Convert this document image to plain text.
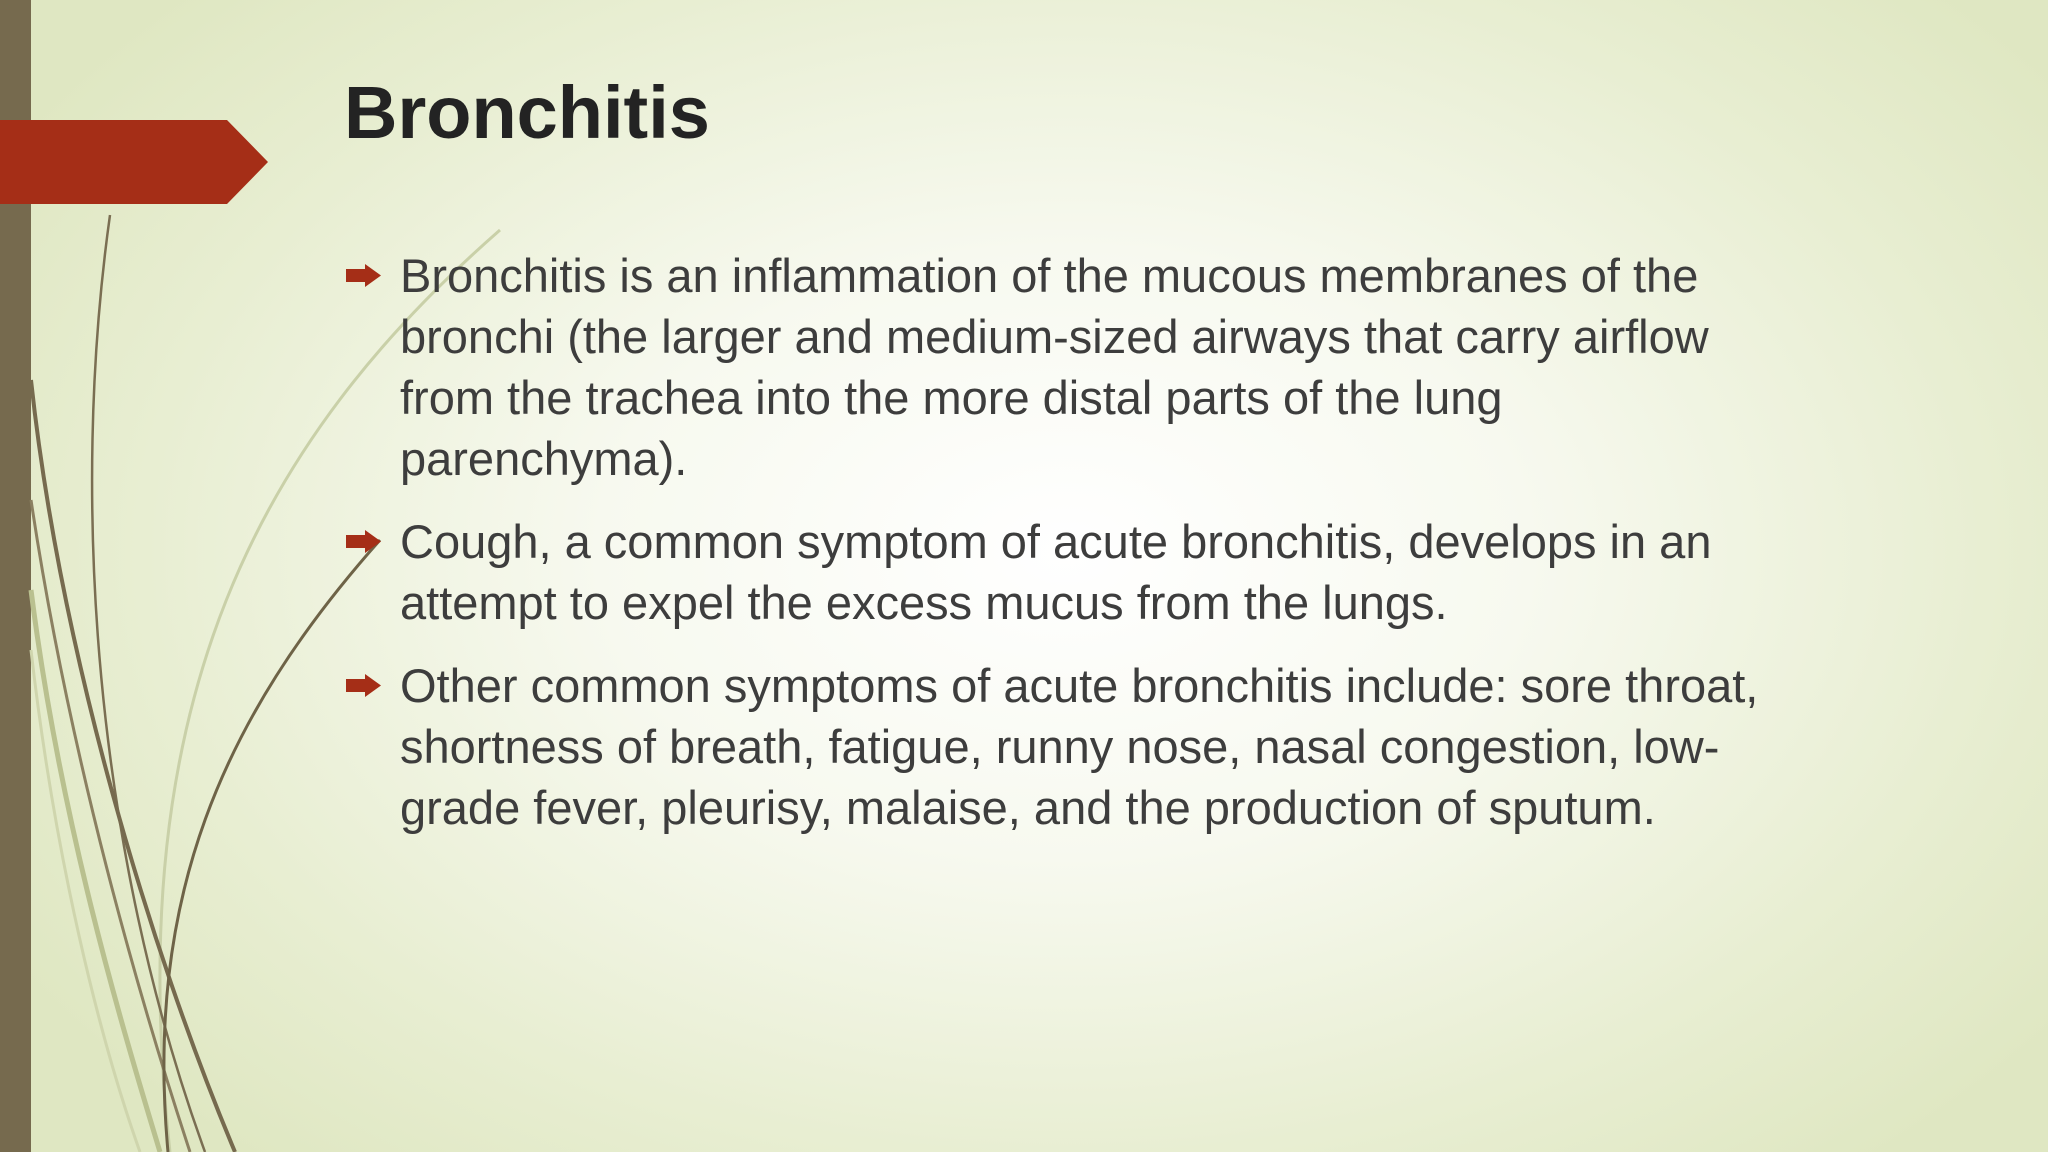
Bronchitis
Bronchitis is an inflammation of the mucous membranes of the bronchi (the larger and medium-sized airways that carry airflow from the trachea into the more distal parts of the lung parenchyma).
Cough, a common symptom of acute bronchitis, develops in an attempt to expel the excess mucus from the lungs.
Other common symptoms of acute bronchitis include: sore throat, shortness of breath, fatigue, runny nose, nasal congestion, low-grade fever, pleurisy, malaise, and the production of sputum.
